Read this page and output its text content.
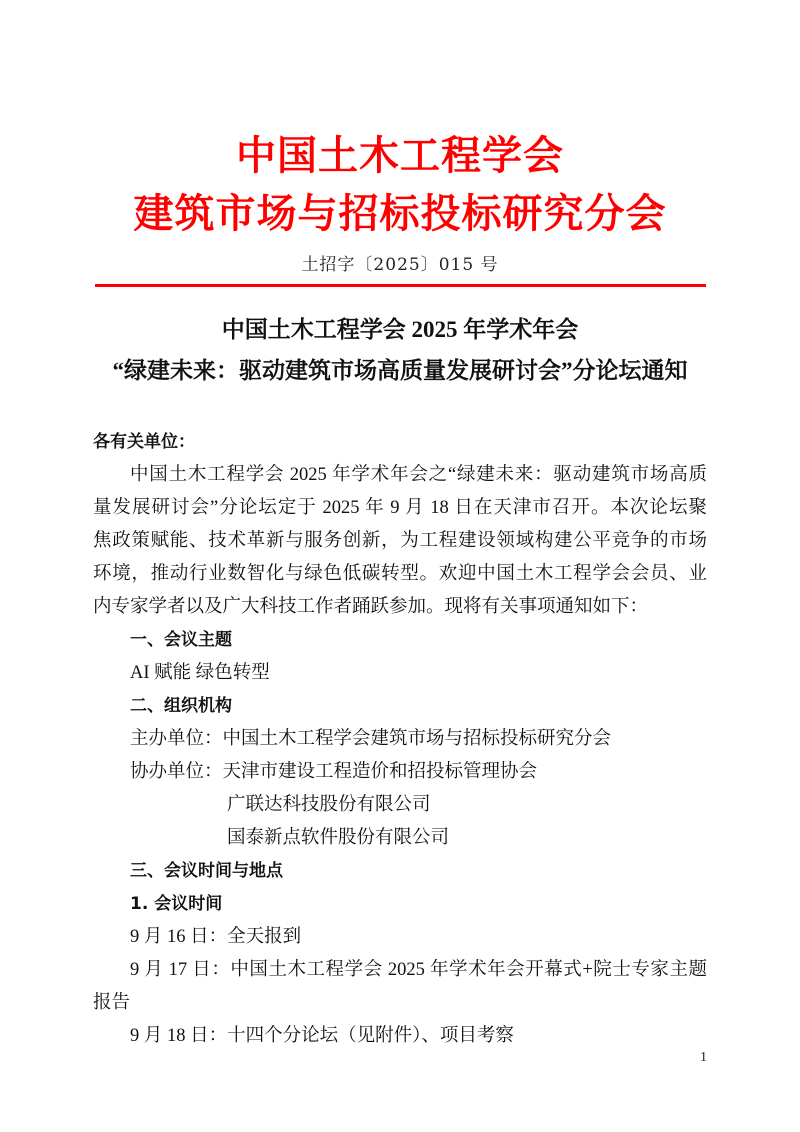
中国土木工程学会
建筑市场与招标投标研究分会
土招字〔2025〕015 号
中国土木工程学会 2025 年学术年会
“绿建未来：驱动建筑市场高质量发展研讨会”分论坛通知
各有关单位：
中国土木工程学会 2025 年学术年会之“绿建未来：驱动建筑市场高质
量发展研讨会”分论坛定于 2025 年 9 月 18 日在天津市召开。本次论坛聚
焦政策赋能、技术革新与服务创新，为工程建设领域构建公平竞争的市场
环境，推动行业数智化与绿色低碳转型。欢迎中国土木工程学会会员、业
内专家学者以及广大科技工作者踊跃参加。现将有关事项通知如下：
一、会议主题
AI 赋能 绿色转型
二、组织机构
主办单位：中国土木工程学会建筑市场与招标投标研究分会
协办单位：天津市建设工程造价和招投标管理协会
广联达科技股份有限公司
国泰新点软件股份有限公司
三、会议时间与地点
1. 会议时间
9 月 16 日：全天报到
9 月 17 日：中国土木工程学会 2025 年学术年会开幕式+院士专家主题
报告
9 月 18 日：十四个分论坛（见附件）、项目考察
1
